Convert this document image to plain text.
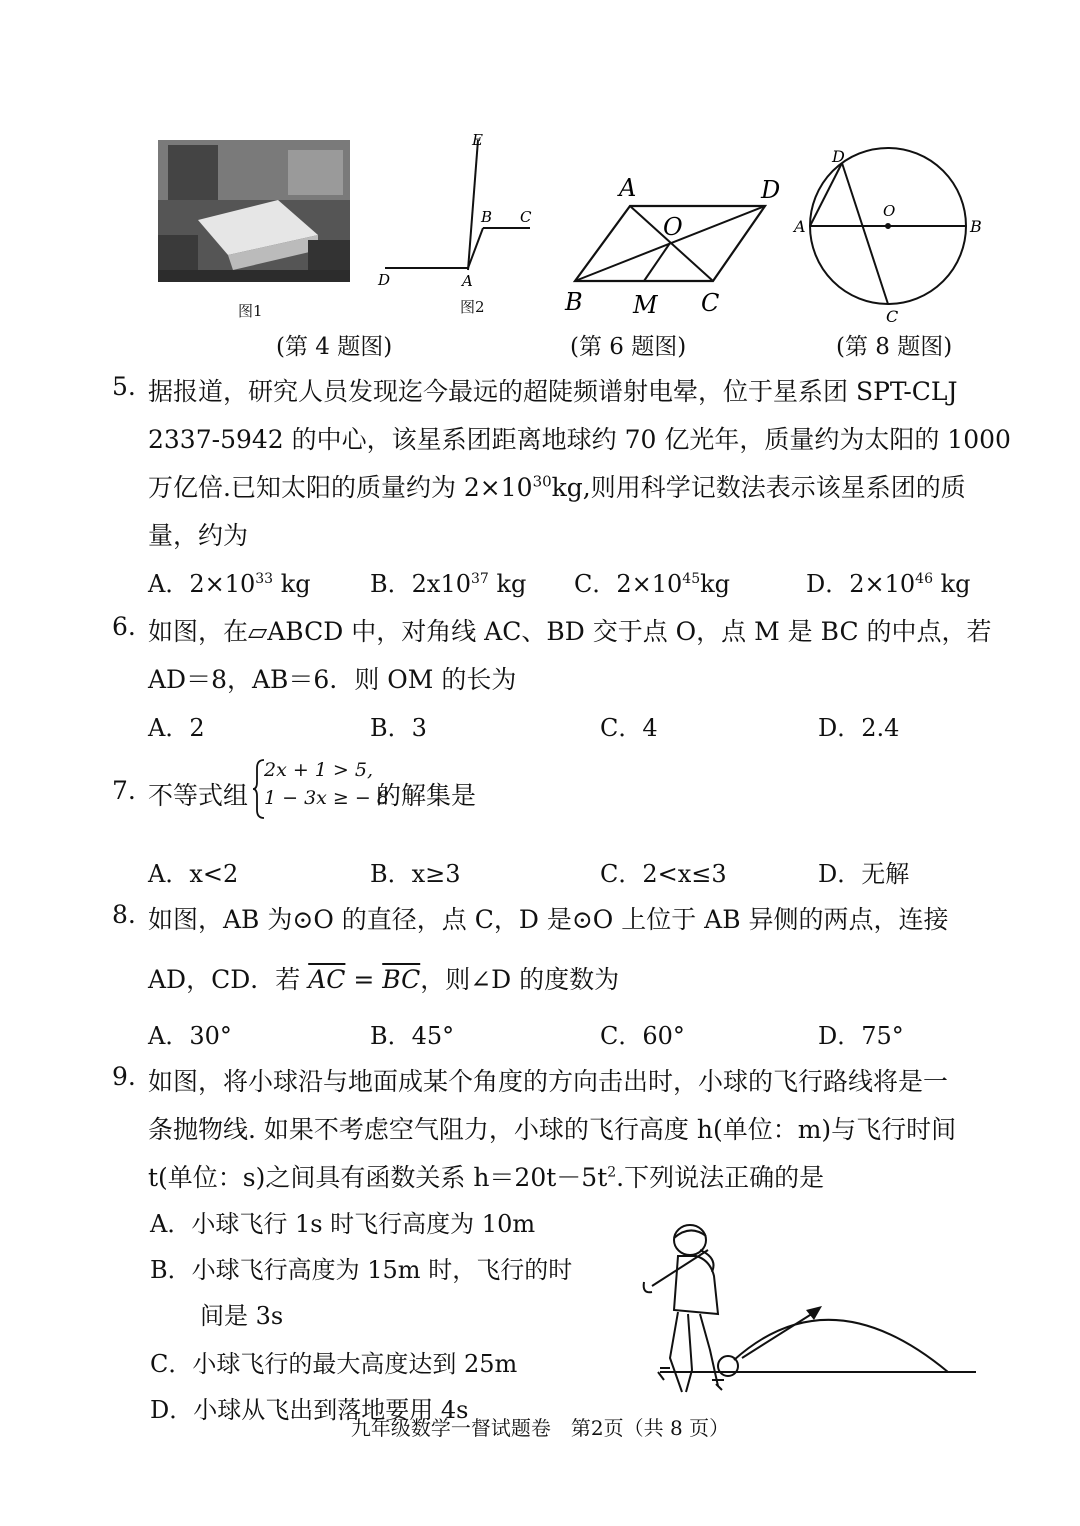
图1
E
B C
D	A
图2
(第 4 题图)
A	D
O
B M C
(第 6 题图)
D
O
A	B
C
(第 8 题图)
5. 据报道，研究人员发现迄今最远的超陡频谱射电晕，位于星系团 SPT-CLJ
2337-5942 的中心，该星系团距离地球约 70 亿光年，质量约为太阳的 1000
万亿倍.已知太阳的质量约为 $2\times 10^{30}kg$,则用科学记数法表示该星系团的质
量，约为
A．$2\times 10^{33}$ kg B．$2x10^{37}$ kg C．$2\times 10^{45}kg$	D．$2\times 10^{46}$ kg
6. 如图，在▱ABCD 中，对角线 AC、BD 交于点 O，点 M 是 BC 的中点，若
AD＝8，AB＝6．则 OM 的长为
A．2	B．3	C．4	D．2.4
7. 不等式组
2x + 1 > 5,
1 − 3x ≥ − 8
的解集是
A．x<2	B．x≥3	C．2<x≤3	D．无解
8. 如图，AB 为⊙O 的直径，点 C，D 是⊙O 上位于 AB 异侧的两点，连接
AD，CD．若 $\overline{AC} = \overline{BC}$，则∠D 的度数为
A．30°	B．45°	C．60°	D．75°
9. 如图，将小球沿与地面成某个角度的方向击出时，小球的飞行路线将是一
条抛物线. 如果不考虑空气阻力，小球的飞行高度 h(单位：m)与飞行时间
t(单位：s)之间具有函数关系 $h=20t-5t^2$.下列说法正确的是
A．小球飞行 1s 时飞行高度为 10m
B．小球飞行高度为 15m 时，飞行的时
间是 3s
C．小球飞行的最大高度达到 25m
D．小球从飞出到落地要用 4s
九年级数学一督试题卷　第2页（共 8 页）
